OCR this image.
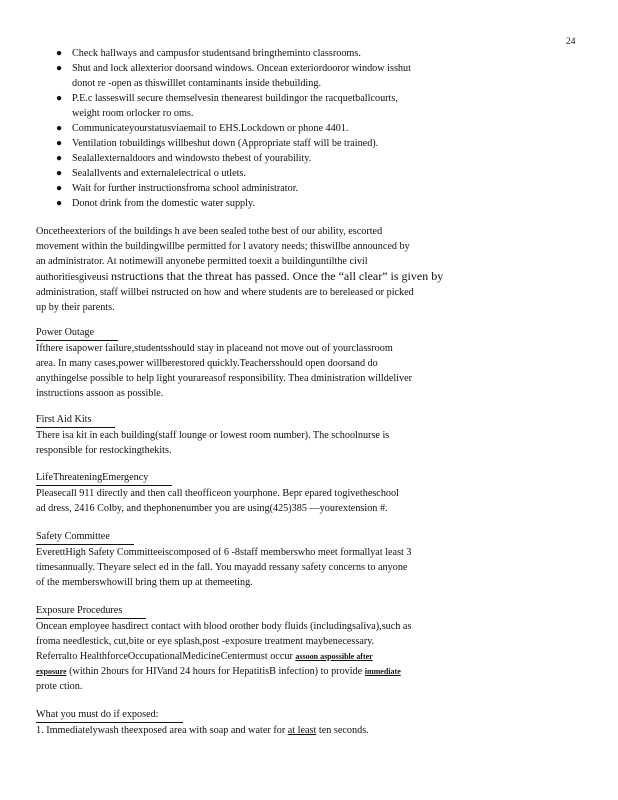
24
● Check hallways and campusfor studentsand bringtheminto classrooms.
● Shut and lock allexterior doorsand windows. Oncean exteriordooror window isshut
donot re -open as thiswilllet contaminants inside thebuilding.
● P.E.c lasseswill secure themselvesin thenearest buildingor the racquetballcourts,
weight room orlocker ro oms.
● Communicateyourstatusviaemail to EHS.Lockdown or phone 4401.
● Ventilation tobuildings willbeshut down (Appropriate staff will be trained).
● Sealallexternaldoors and windowsto thebest of yourability.
● Sealallvents and externalelectrical o utlets.
● Wait for further instructionsfroma school administrator.
● Donot drink from the domestic water supply.
Oncetheexteriors of the buildings h ave been sealed tothe best of our ability, escorted
movement within the buildingwillbe permitted for l avatory needs; thiswillbe announced by
an administrator. At notimewill anyonebe permitted toexit a buildinguntilthe civil
authoritiesgiveusi nstructions that the threat has passed. Once the “all clear” is given by
administration, staff willbei nstructed on how and where students are to bereleased or picked
up by their parents.
Power Outage
Ifthere isapower failure,studentsshould stay in placeand not move out of yourclassroom
area. In many cases,power willberestored quickly.Teachersshould open doorsand do
anythingelse possible to help light yourareasof responsibility. Thea dministration willdeliver
instructions assoon as possible.
First Aid Kits
There isa kit in each building(staff lounge or lowest room number). The schoolnurse is
responsible for restockingthekits.
LifeThreateningEmergency
Pleasecall 911 directly and then call theofficeon yourphone. Bepr epared togivetheschool
ad dress, 2416 Colby, and thephonenumber you are using(425)385 —yourextension #.
Safety Committee
EverettHigh Safety Committeeiscomposed of 6 -8staff memberswho meet formallyat least 3
timesannually. Theyare select ed in the fall. You mayadd ressany safety concerns to anyone
of the memberswhowill bring them up at themeeting.
Exposure Procedures
Oncean employee hasdirect contact with blood orother body fluids (includingsaliva),such as
froma needlestick, cut,bite or eye splash,post -exposure treatment maybenecessary.
Referralto HealthforceOccupationalMedicineCentermust occur assoon aspossible after
exposure (within 2hours for HIVand 24 hours for HepatitisB infection) to provide immediate
prote ction.
What you must do if exposed:
1. Immediatelywash theexposed area with soap and water for at least ten seconds.
